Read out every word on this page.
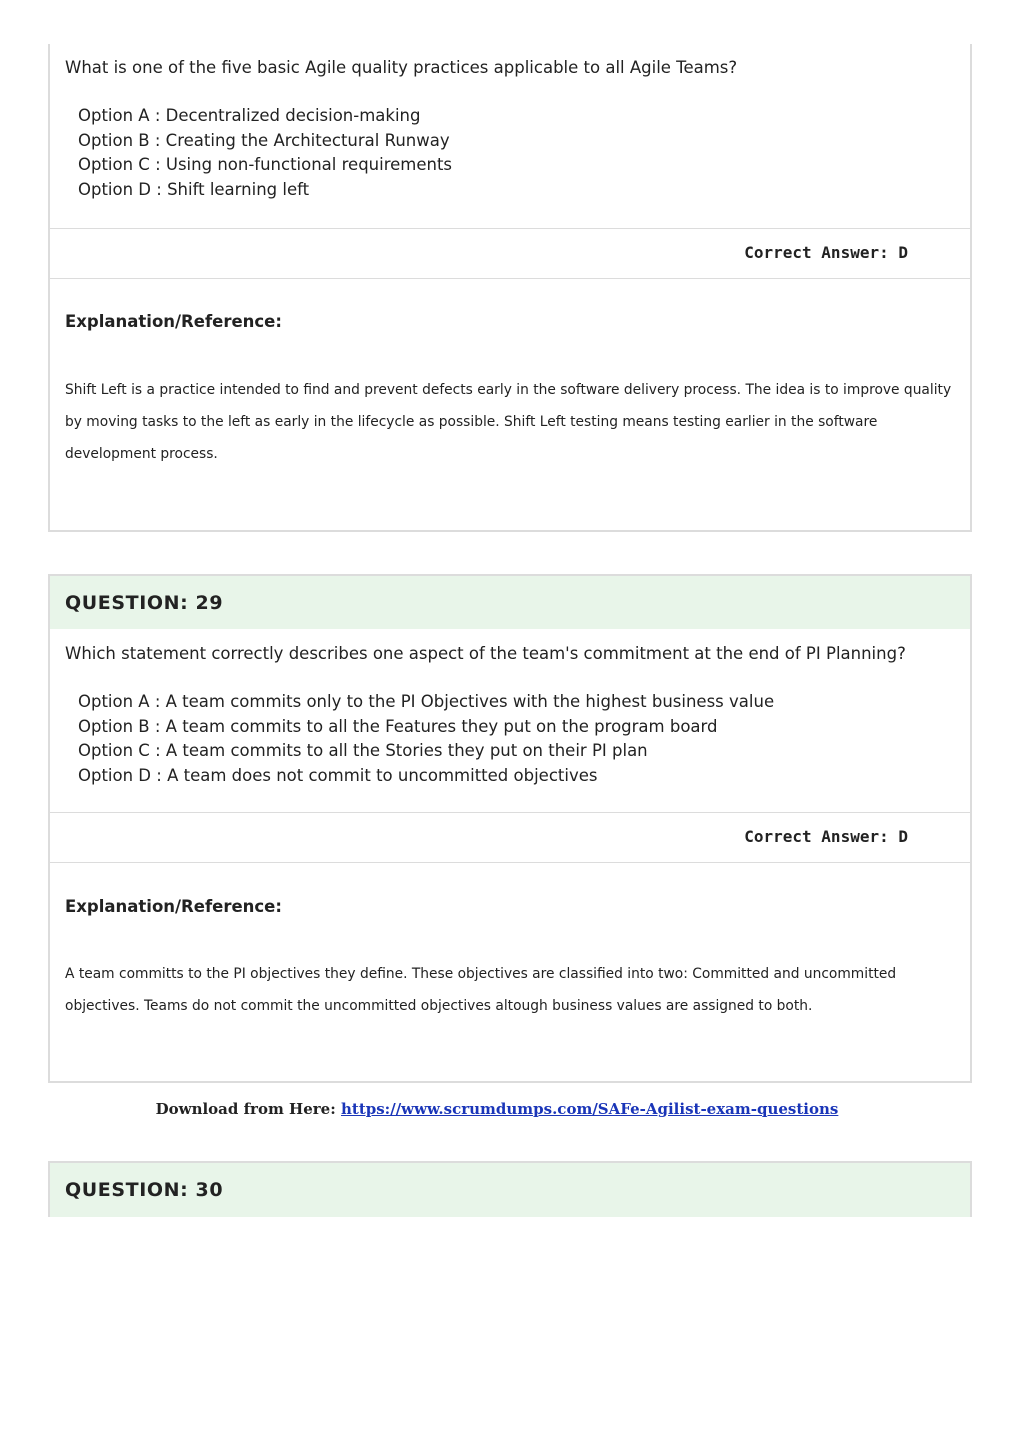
What is one of the five basic Agile quality practices applicable to all Agile Teams?

Option A : Decentralized decision-making
Option B : Creating the Architectural Runway
Option C : Using non-functional requirements
Option D : Shift learning left
Correct Answer: D
Explanation/Reference:

Shift Left is a practice intended to find and prevent defects early in the software delivery process. The idea is to improve quality by moving tasks to the left as early in the lifecycle as possible. Shift Left testing means testing earlier in the software development process.

QUESTION: 29

Which statement correctly describes one aspect of the team's commitment at the end of PI Planning?

Option A : A team commits only to the PI Objectives with the highest business value
Option B : A team commits to all the Features they put on the program board
Option C : A team commits to all the Stories they put on their PI plan
Option D : A team does not commit to uncommitted objectives
Correct Answer: D
Explanation/Reference:

A team committs to the PI objectives they define. These objectives are classified into two: Committed and uncommitted objectives. Teams do not commit the uncommitted objectives altough business values are assigned to both.

Download from Here: https://www.scrumdumps.com/SAFe-Agilist-exam-questions
QUESTION: 30
